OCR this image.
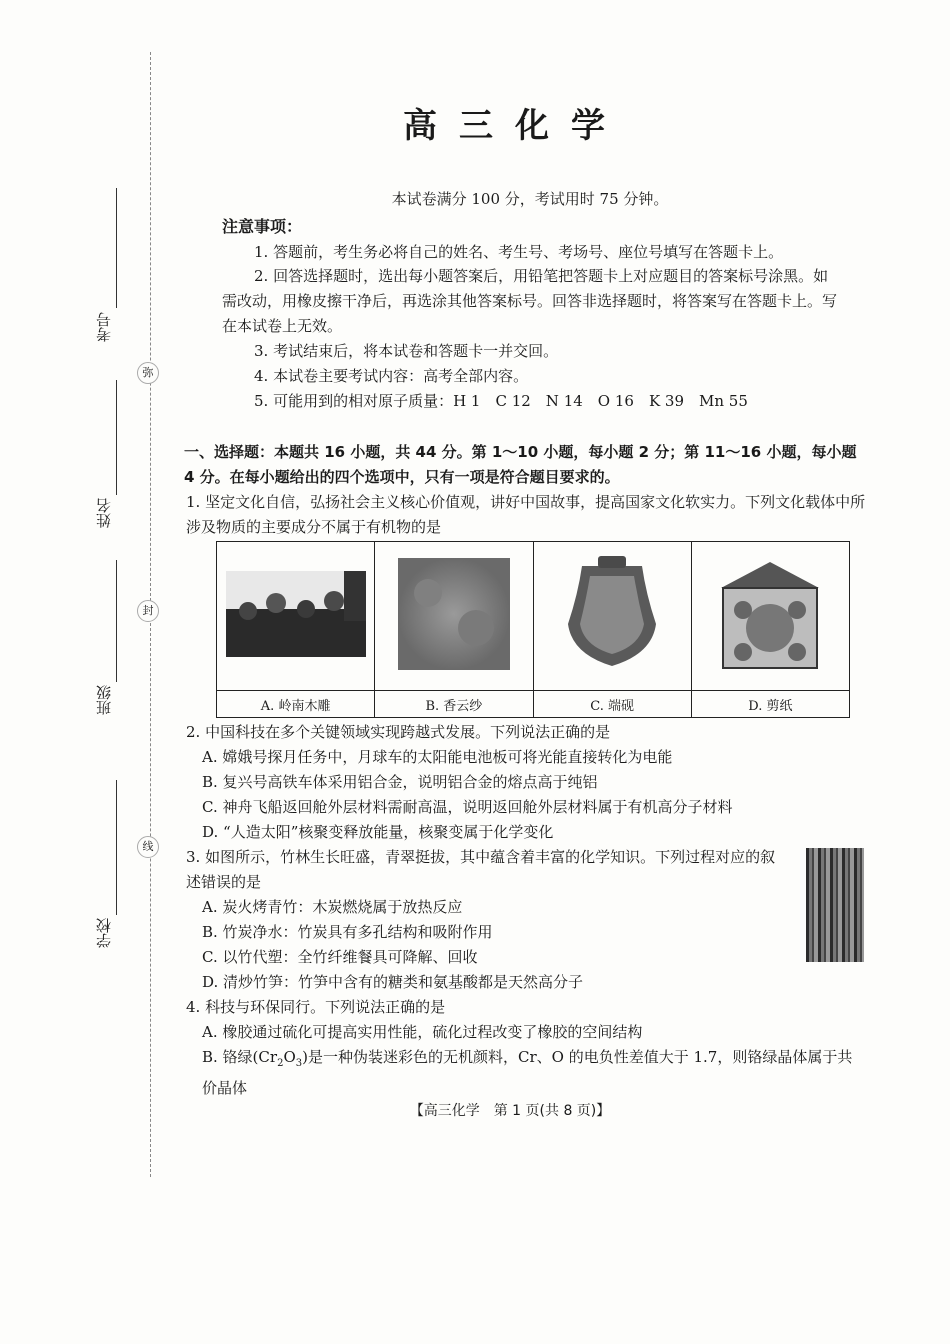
考号
姓名
班级
学校
弥
封
线
高三化学
本试卷满分 100 分，考试用时 75 分钟。
注意事项：
1. 答题前，考生务必将自己的姓名、考生号、考场号、座位号填写在答题卡上。
2. 回答选择题时，选出每小题答案后，用铅笔把答题卡上对应题目的答案标号涂黑。如需改动，用橡皮擦干净后，再选涂其他答案标号。回答非选择题时，将答案写在答题卡上。写在本试卷上无效。
3. 考试结束后，将本试卷和答题卡一并交回。
4. 本试卷主要考试内容：高考全部内容。
5. 可能用到的相对原子质量：H 1　C 12　N 14　O 16　K 39　Mn 55
一、选择题：本题共 16 小题，共 44 分。第 1～10 小题，每小题 2 分；第 11～16 小题，每小题 4 分。在每小题给出的四个选项中，只有一项是符合题目要求的。
1. 坚定文化自信，弘扬社会主义核心价值观，讲好中国故事，提高国家文化软实力。下列文化载体中所涉及物质的主要成分不属于有机物的是

A. 岭南木雕	B. 香云纱	C. 端砚	D. 剪纸
2. 中国科技在多个关键领域实现跨越式发展。下列说法正确的是
A. 嫦娥号探月任务中，月球车的太阳能电池板可将光能直接转化为电能
B. 复兴号高铁车体采用铝合金，说明铝合金的熔点高于纯铝
C. 神舟飞船返回舱外层材料需耐高温，说明返回舱外层材料属于有机高分子材料
D. “人造太阳”核聚变释放能量，核聚变属于化学变化
3. 如图所示，竹林生长旺盛，青翠挺拔，其中蕴含着丰富的化学知识。下列过程对应的叙述错误的是
A. 炭火烤青竹：木炭燃烧属于放热反应
B. 竹炭净水：竹炭具有多孔结构和吸附作用
C. 以竹代塑：全竹纤维餐具可降解、回收
D. 清炒竹笋：竹笋中含有的糖类和氨基酸都是天然高分子
4. 科技与环保同行。下列说法正确的是
A. 橡胶通过硫化可提高实用性能，硫化过程改变了橡胶的空间结构
B. 铬绿$(Cr_2O_3)$是一种伪装迷彩色的无机颜料，Cr、O 的电负性差值大于 1.7，则铬绿晶体属于共价晶体
【高三化学　第 1 页(共 8 页)】
